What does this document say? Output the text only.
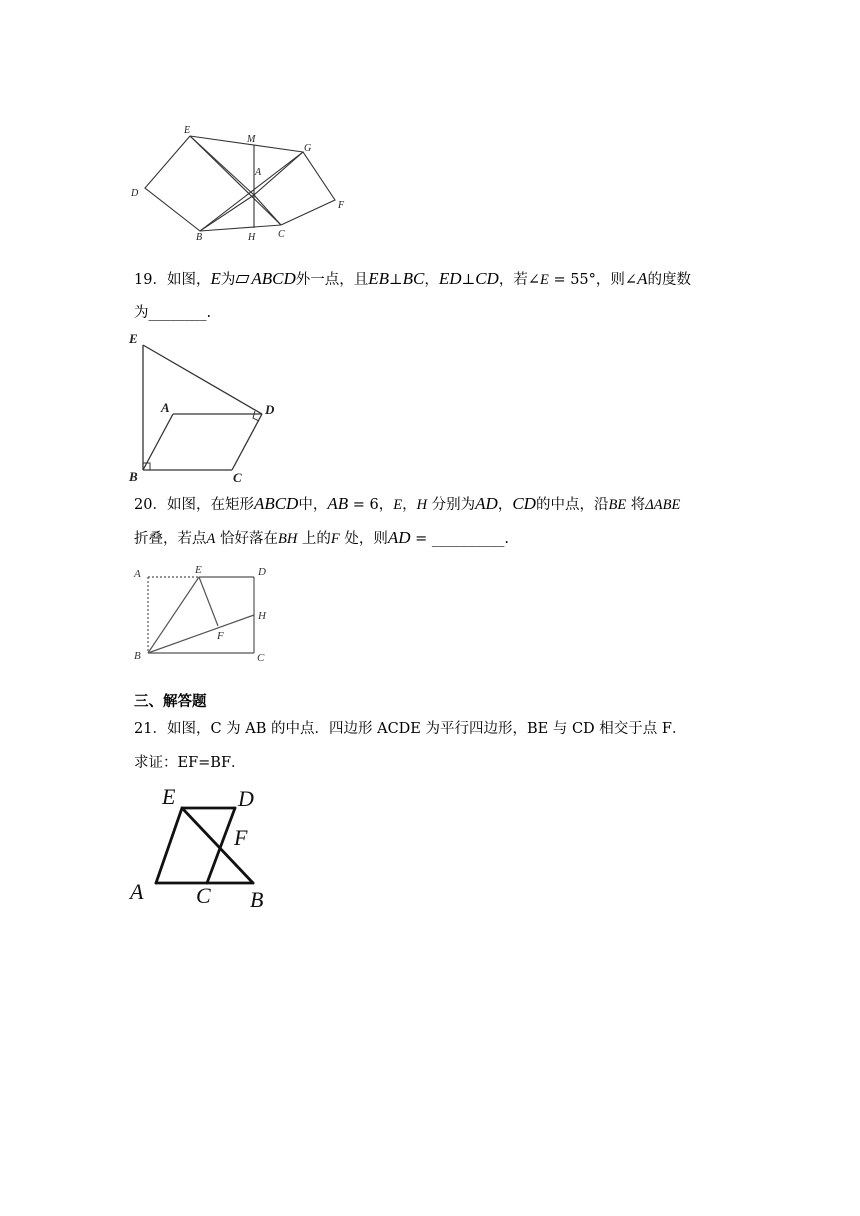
E
M
G
A
D
F
B	H C
19．如图，E为 ABCD外一点，且EB⊥BC，ED⊥CD，若∠E = 55°，则∠A的度数
为________.
E
A	D
B	C
20．如图，在矩形ABCD中，AB = 6，E，H 分别为AD，CD的中点，沿BE 将ΔABE
折叠，若点A 恰好落在BH 上的F 处，则AD = __________.
A	E	D
H
F
B	C
三、解答题
21．如图，C 为 AB 的中点．四边形 ACDE 为平行四边形，BE 与 CD 相交于点 F．
求证：EF=BF．
E	D
F
A C B
